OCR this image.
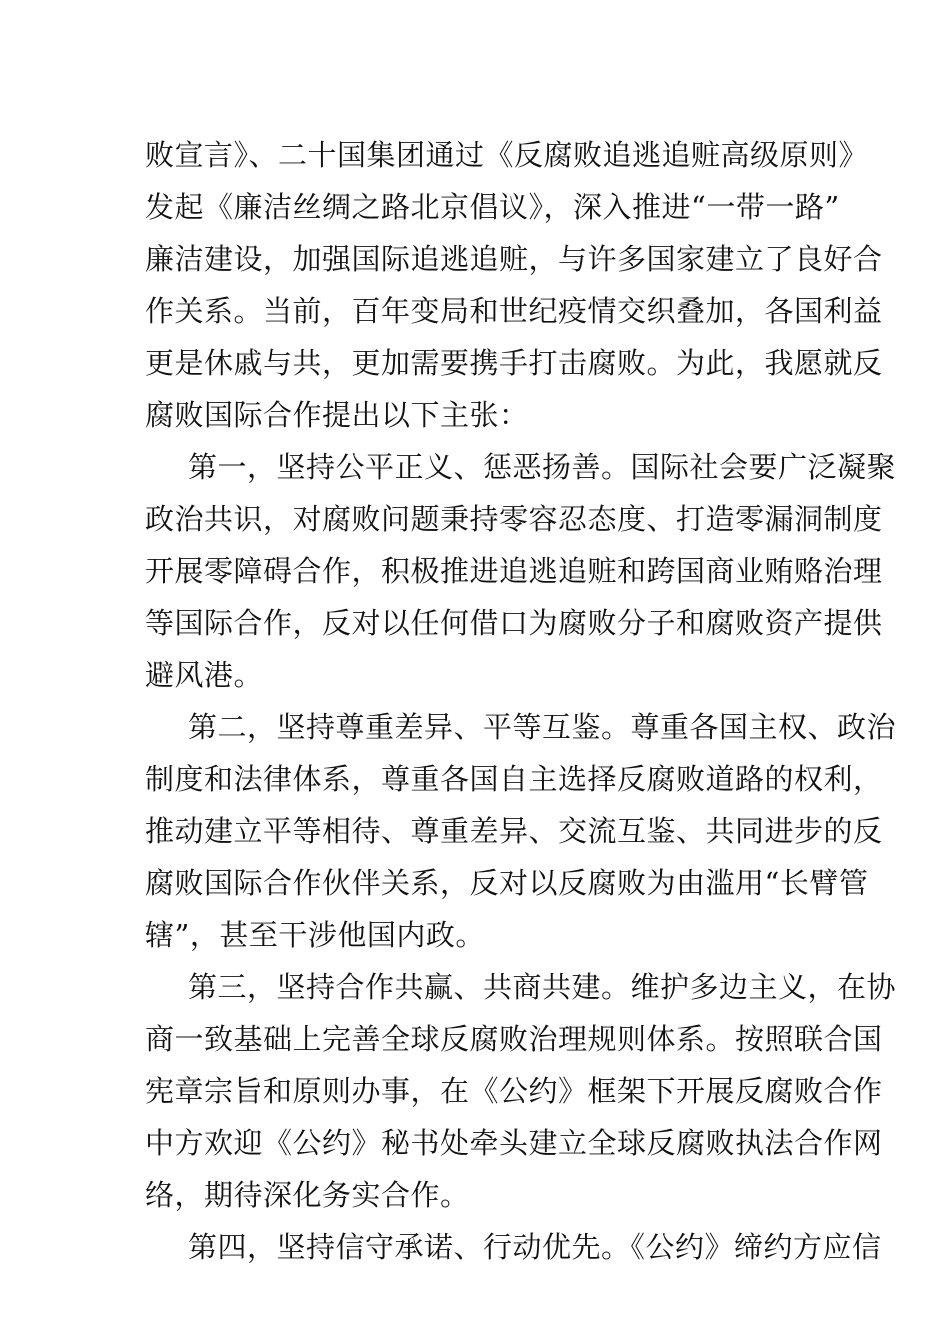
败宣言》、二十国集团通过《反腐败追逃追赃高级原则》
发起《廉洁丝绸之路北京倡议》，深入推进“一带一路”
廉洁建设，加强国际追逃追赃，与许多国家建立了良好合
作关系。当前，百年变局和世纪疫情交织叠加，各国利益
更是休戚与共，更加需要携手打击腐败。为此，我愿就反
腐败国际合作提出以下主张：
第一，坚持公平正义、惩恶扬善。国际社会要广泛凝聚
政治共识，对腐败问题秉持零容忍态度、打造零漏洞制度
开展零障碍合作，积极推进追逃追赃和跨国商业贿赂治理
等国际合作，反对以任何借口为腐败分子和腐败资产提供
避风港。
第二，坚持尊重差异、平等互鉴。尊重各国主权、政治
制度和法律体系，尊重各国自主选择反腐败道路的权利，
推动建立平等相待、尊重差异、交流互鉴、共同进步的反
腐败国际合作伙伴关系，反对以反腐败为由滥用“长臂管
辖”，甚至干涉他国内政。
第三，坚持合作共赢、共商共建。维护多边主义，在协
商一致基础上完善全球反腐败治理规则体系。按照联合国
宪章宗旨和原则办事，在《公约》框架下开展反腐败合作
中方欢迎《公约》秘书处牵头建立全球反腐败执法合作网
络，期待深化务实合作。
第四，坚持信守承诺、行动优先。《公约》缔约方应信
